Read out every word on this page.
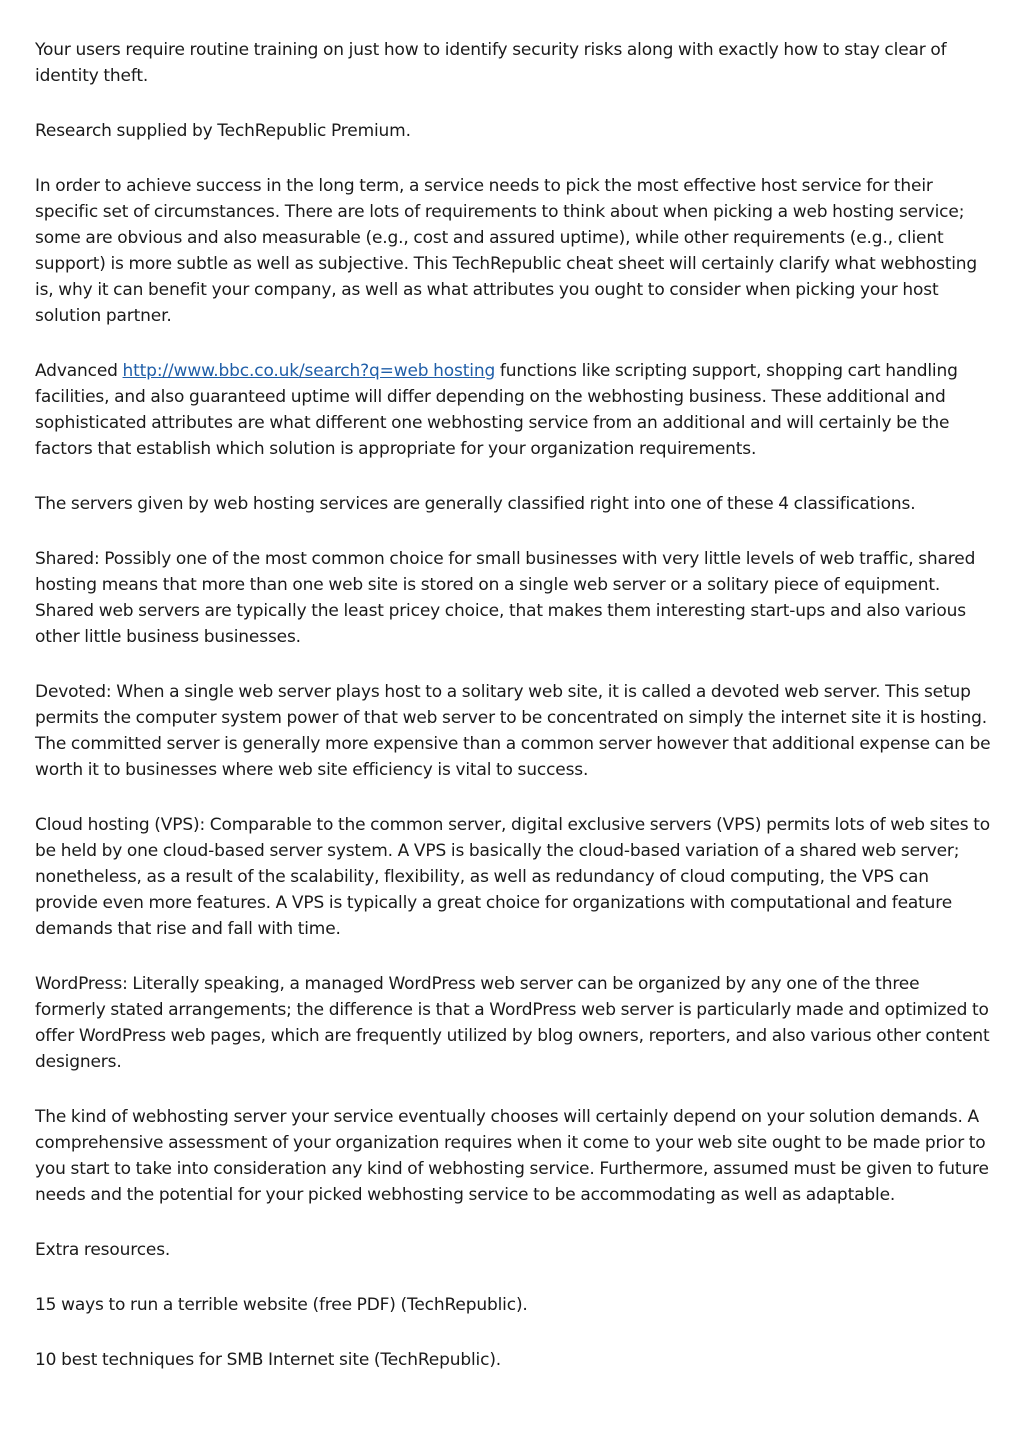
Your users require routine training on just how to identify security risks along with exactly how to stay clear of identity theft.

Research supplied by TechRepublic Premium.

In order to achieve success in the long term, a service needs to pick the most effective host service for their specific set of circumstances. There are lots of requirements to think about when picking a web hosting service; some are obvious and also measurable (e.g., cost and assured uptime), while other requirements (e.g., client support) is more subtle as well as subjective. This TechRepublic cheat sheet will certainly clarify what webhosting is, why it can benefit your company, as well as what attributes you ought to consider when picking your host solution partner.

Advanced http://www.bbc.co.uk/search?q=web hosting functions like scripting support, shopping cart handling facilities, and also guaranteed uptime will differ depending on the webhosting business. These additional and sophisticated attributes are what different one webhosting service from an additional and will certainly be the factors that establish which solution is appropriate for your organization requirements.

The servers given by web hosting services are generally classified right into one of these 4 classifications.

Shared: Possibly one of the most common choice for small businesses with very little levels of web traffic, shared hosting means that more than one web site is stored on a single web server or a solitary piece of equipment. Shared web servers are typically the least pricey choice, that makes them interesting start-ups and also various other little business businesses.

Devoted: When a single web server plays host to a solitary web site, it is called a devoted web server. This setup permits the computer system power of that web server to be concentrated on simply the internet site it is hosting. The committed server is generally more expensive than a common server however that additional expense can be worth it to businesses where web site efficiency is vital to success.

Cloud hosting (VPS): Comparable to the common server, digital exclusive servers (VPS) permits lots of web sites to be held by one cloud-based server system. A VPS is basically the cloud-based variation of a shared web server; nonetheless, as a result of the scalability, flexibility, as well as redundancy of cloud computing, the VPS can provide even more features. A VPS is typically a great choice for organizations with computational and feature demands that rise and fall with time.

WordPress: Literally speaking, a managed WordPress web server can be organized by any one of the three formerly stated arrangements; the difference is that a WordPress web server is particularly made and optimized to offer WordPress web pages, which are frequently utilized by blog owners, reporters, and also various other content designers.

The kind of webhosting server your service eventually chooses will certainly depend on your solution demands. A comprehensive assessment of your organization requires when it come to your web site ought to be made prior to you start to take into consideration any kind of webhosting service. Furthermore, assumed must be given to future needs and the potential for your picked webhosting service to be accommodating as well as adaptable.

Extra resources.

15 ways to run a terrible website (free PDF) (TechRepublic).

10 best techniques for SMB Internet site (TechRepublic).
